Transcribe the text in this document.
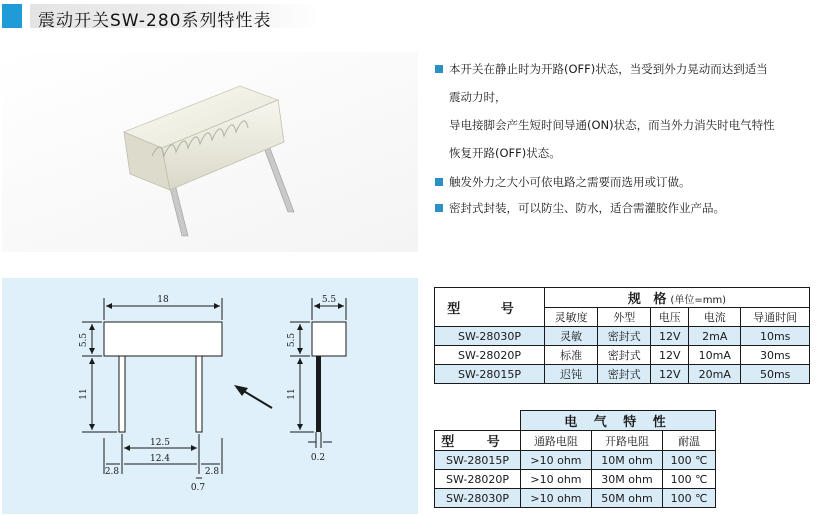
震动开关SW-280系列特性表
本开关在静止时为开路(OFF)状态，当受到外力晃动而达到适当
震动力时，
导电接脚会产生短时间导通(ON)状态，而当外力消失时电气特性
恢复开路(OFF)状态。
触发外力之大小可依电路之需要而选用或订做。
密封式封装，可以防尘、防水，适合需灌胶作业产品。
18
5.5
11
12.5
12.4
2.8	2.8
0.7
5.5
5.5
11
0.2
型 号	规 格(单位=mm)				
	灵敏度	外型	电压	电流	导通时间
SW-28030P	灵敏	密封式	12V	2mA	10ms
SW-28020P	标准	密封式	12V	10mA	30ms
SW-28015P	迟钝	密封式	12V	20mA	50ms
	电 气 特 性		
型 号	通路电阻	开路电阻	耐温
SW-28015P	>10 ohm	10M ohm	100 ℃
SW-28020P	>10 ohm	30M ohm	100 ℃
SW-28030P	>10 ohm	50M ohm	100 ℃
